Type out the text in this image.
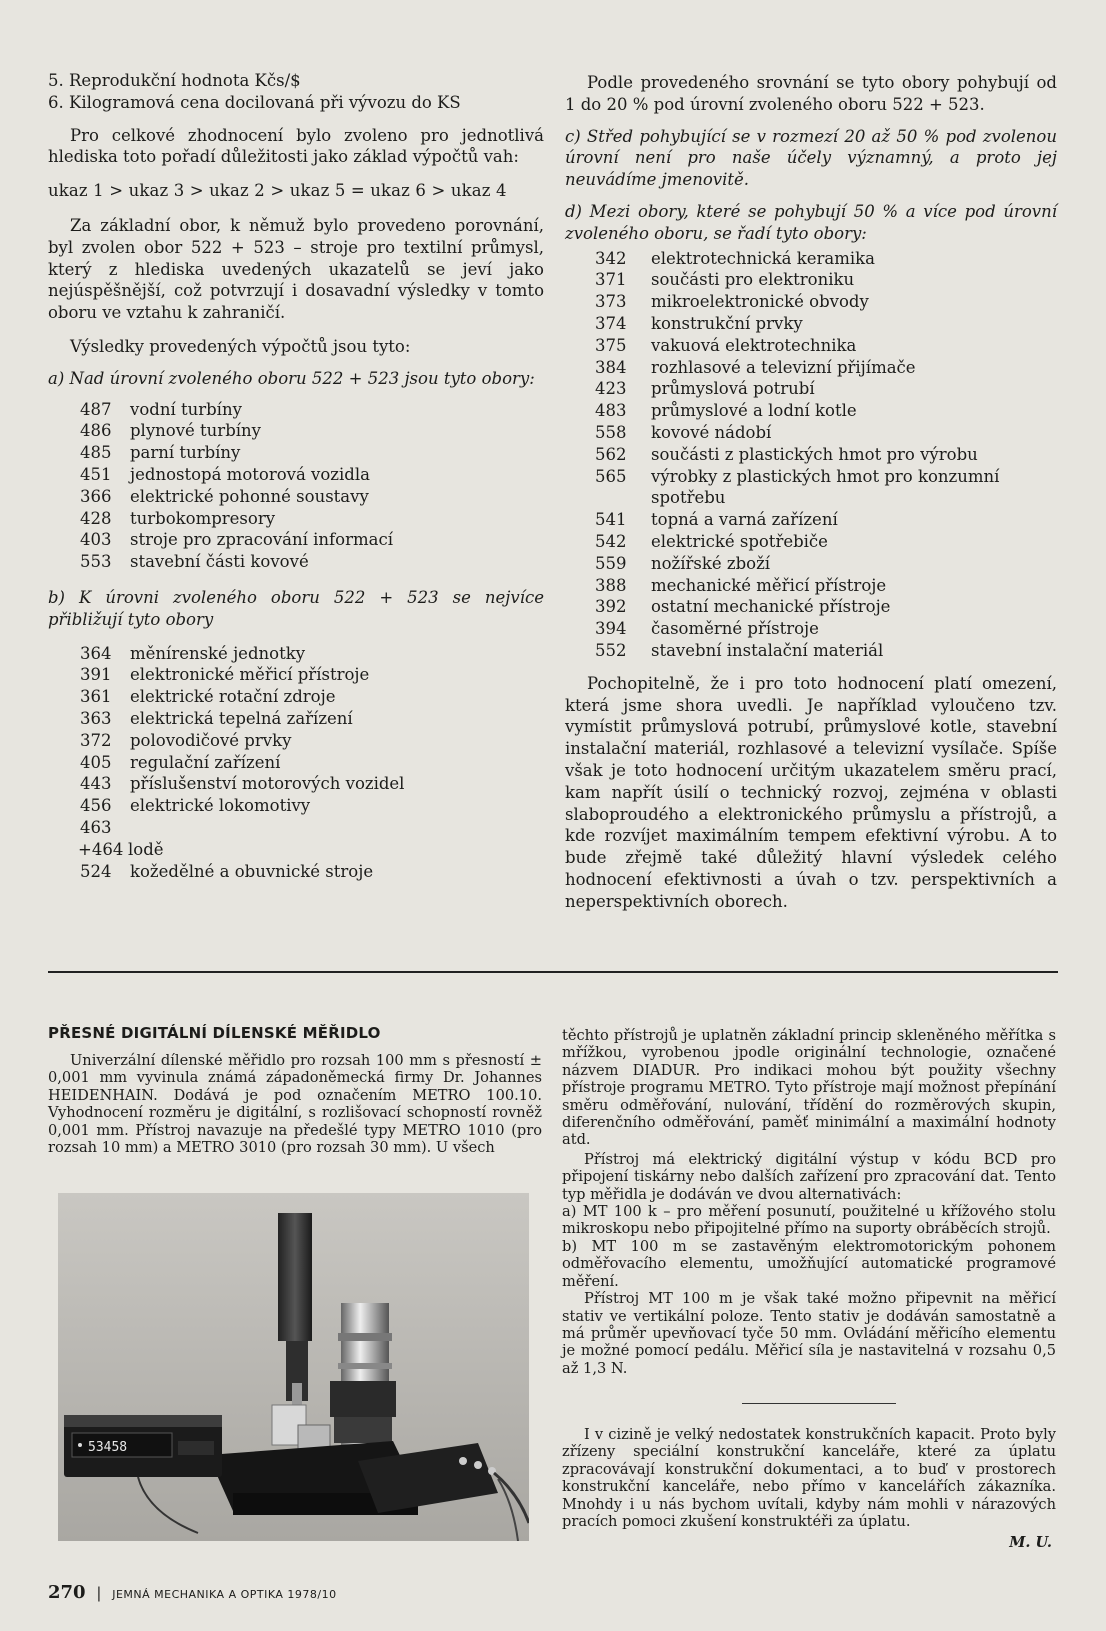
5. Reprodukční hodnota Kčs/$

6. Kilogramová cena docilovaná při vývozu do KS

Pro celkové zhodnocení bylo zvoleno pro jednotlivá hlediska toto pořadí důležitosti jako základ výpočtů vah:

ukaz 1 > ukaz 3 > ukaz 2 > ukaz 5 = ukaz 6 > ukaz 4

Za základní obor, k němuž bylo provedeno porovnání, byl zvolen obor 522 + 523 – stroje pro textilní průmysl, který z hlediska uvedených ukazatelů se jeví jako nejúspěšnější, což potvrzují i dosavadní výsledky v tomto oboru ve vztahu k zahraničí.

Výsledky provedených výpočtů jsou tyto:

a) Nad úrovní zvoleného oboru 522 + 523 jsou tyto obory:

487	vodní turbíny
486	plynové turbíny
485	parní turbíny
451	jednostopá motorová vozidla
366	elektrické pohonné soustavy
428	turbokompresory
403	stroje pro zpracování informací
553	stavební části kovové

b) K úrovni zvoleného oboru 522 + 523 se nejvíce přibližují tyto obory

364	měnírenské jednotky
391	elektronické měřicí přístroje
361	elektrické rotační zdroje
363	elektrická tepelná zařízení
372	polovodičové prvky
405	regulační zařízení
443	příslušenství motorových vozidel
456	elektrické lokomotivy
463
+464 lodě
524	kožedělné a obuvnické stroje

Podle provedeného srovnání se tyto obory pohybují od 1 do 20 % pod úrovní zvoleného oboru 522 + 523.

c) Střed pohybující se v rozmezí 20 až 50 % pod zvolenou úrovní není pro naše účely významný, a proto jej neuvádíme jmenovitě.

d) Mezi obory, které se pohybují 50 % a více pod úrovní zvoleného oboru, se řadí tyto obory:

342	elektrotechnická keramika
371	součásti pro elektroniku
373	mikroelektronické obvody
374	konstrukční prvky
375	vakuová elektrotechnika
384	rozhlasové a televizní přijímače
423	průmyslová potrubí
483	průmyslové a lodní kotle
558	kovové nádobí
562	součásti z plastických hmot pro výrobu
565	výrobky z plastických hmot pro konzumní spotřebu
541	topná a varná zařízení
542	elektrické spotřebiče
559	nožířské zboží
388	mechanické měřicí přístroje
392	ostatní mechanické přístroje
394	časoměrné přístroje
552	stavební instalační materiál

Pochopitelně, že i pro toto hodnocení platí omezení, která jsme shora uvedli. Je například vyloučeno tzv. vymístit průmyslová potrubí, průmyslové kotle, stavební instalační materiál, rozhlasové a televizní vysílače. Spíše však je toto hodnocení určitým ukazatelem směru prací, kam napřít úsilí o technický rozvoj, zejména v oblasti slaboproudého a elektronického průmyslu a přístrojů, a kde rozvíjet maximálním tempem efektivní výrobu. A to bude zřejmě také důležitý hlavní výsledek celého hodnocení efektivnosti a úvah o tzv. perspektivních a neperspektivních oborech.

PŘESNÉ DIGITÁLNÍ DÍLENSKÉ MĚŘIDLO

Univerzální dílenské měřidlo pro rozsah 100 mm s přesností ± 0,001 mm vyvinula známá západoněmecká firmy Dr. Johannes HEIDENHAIN. Dodává je pod označením METRO 100.10. Vyhodnocení rozměru je digitální, s rozlišovací schopností rovněž 0,001 mm. Přístroj navazuje na předešlé typy METRO 1010 (pro rozsah 10 mm) a METRO 3010 (pro rozsah 30 mm). U všech

53458

těchto přístrojů je uplatněn základní princip skleněného měřítka s mřížkou, vyrobenou jpodle originální technologie, označené názvem DIADUR. Pro indikaci mohou být použity všechny přístroje programu METRO. Tyto přístroje mají možnost přepínání směru odměřování, nulování, třídění do rozměrových skupin, diferenčního odměřování, paměť minimální a maximální hodnoty atd.

Přístroj má elektrický digitální výstup v kódu BCD pro připojení tiskárny nebo dalších zařízení pro zpracování dat. Tento typ měřidla je dodáván ve dvou alternativách:

a) MT 100 k – pro měření posunutí, použitelné u křížového stolu mikroskopu nebo připojitelné přímo na suporty obráběcích strojů.

b) MT 100 m se zastavěným elektromotorickým pohonem odměřovacího elementu, umožňující automatické programové měření.

Přístroj MT 100 m je však také možno připevnit na měřicí stativ ve vertikální poloze. Tento stativ je dodáván samostatně a má průměr upevňovací tyče 50 mm. Ovládání měřicího elementu je možné pomocí pedálu. Měřicí síla je nastavitelná v rozsahu 0,5 až 1,3 N.

I v cizině je velký nedostatek konstrukčních kapacit. Proto byly zřízeny speciální konstrukční kanceláře, které za úplatu zpracovávají konstrukční dokumentaci, a to buď v prostorech konstrukční kanceláře, nebo přímo v kancelářích zákazníka. Mnohdy i u nás bychom uvítali, kdyby nám mohli v nárazových pracích pomoci zkušení konstruktéři za úplatu.

M. U.

270 | JEMNÁ MECHANIKA A OPTIKA 1978/10
